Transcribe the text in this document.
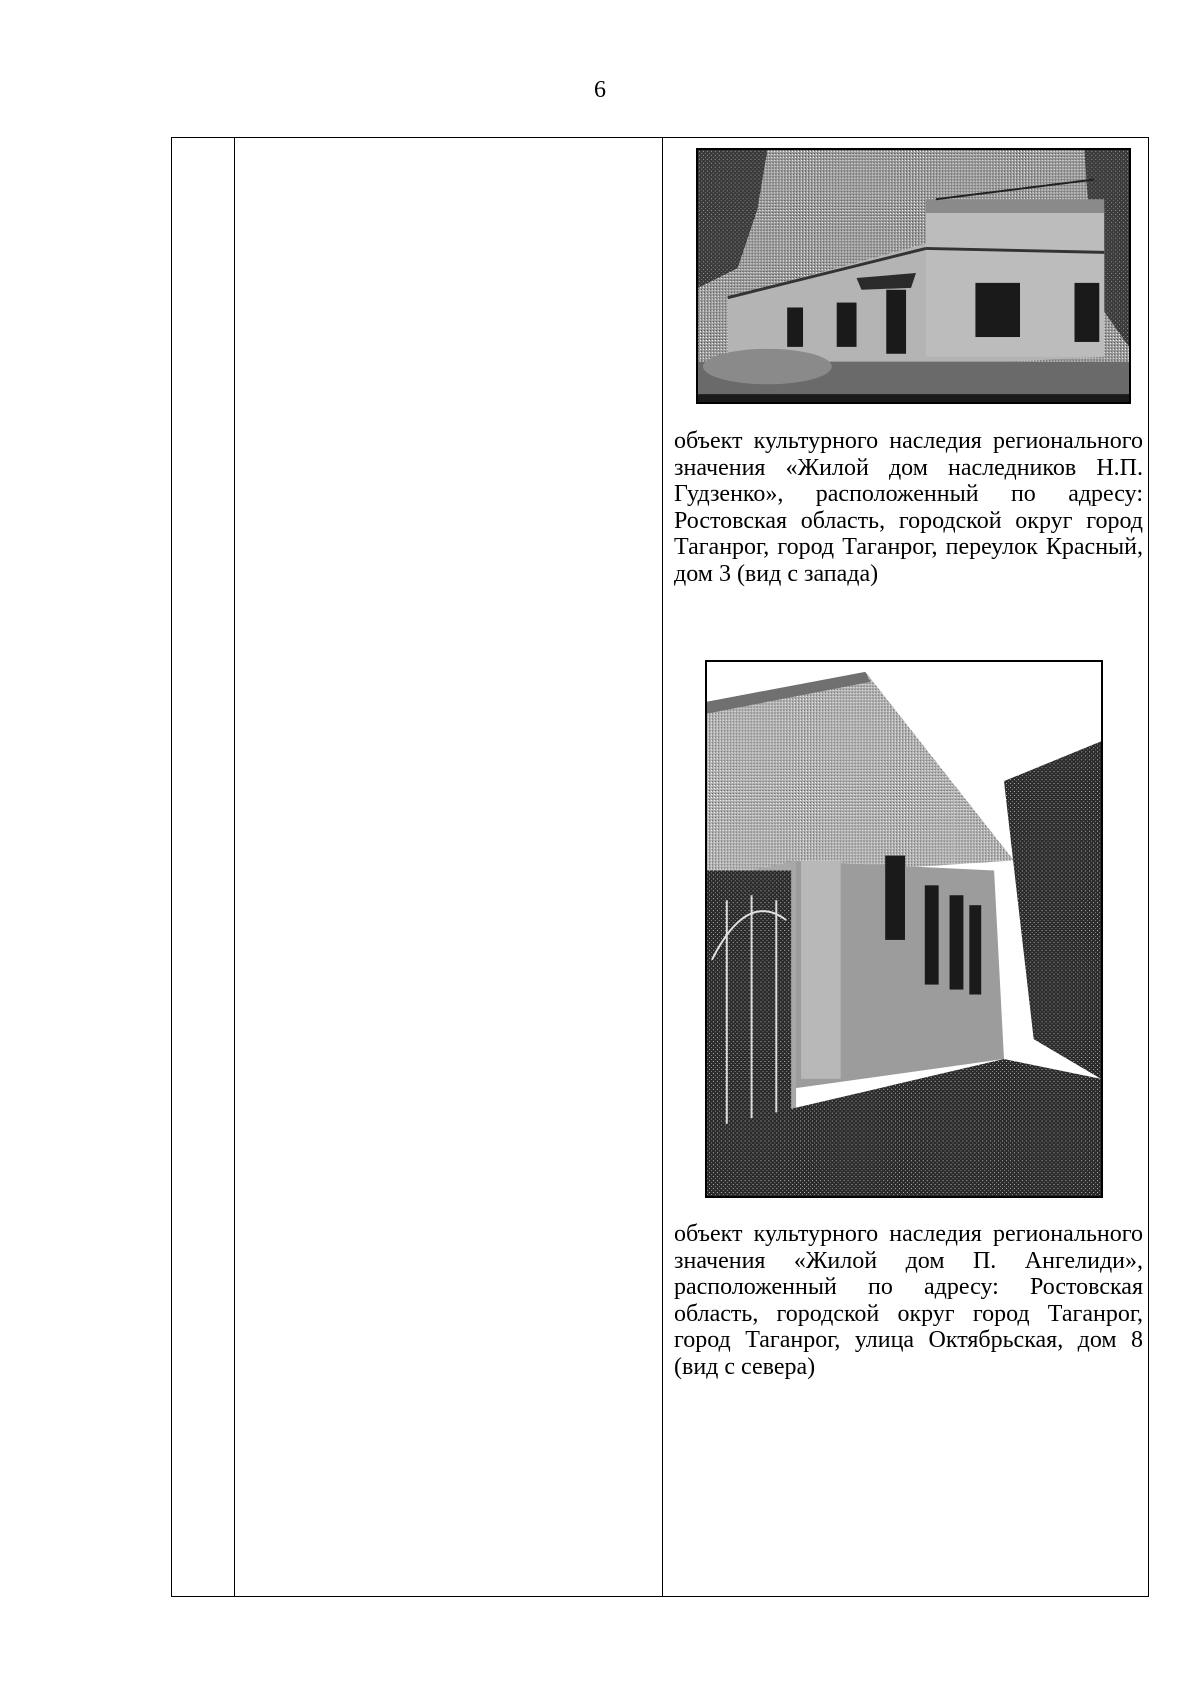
6
объект культурного наследия регионального значения «Жилой дом наследников Н.П. Гудзенко», расположенный по адресу: Ростовская область, городской округ город Таганрог, город Таганрог, переулок Красный, дом 3 (вид с запада)
объект культурного наследия регионального значения «Жилой дом П. Ангелиди», расположенный по адресу: Ростовская область, городской округ город Таганрог, город Таганрог, улица Октябрьская, дом 8 (вид с севера)
